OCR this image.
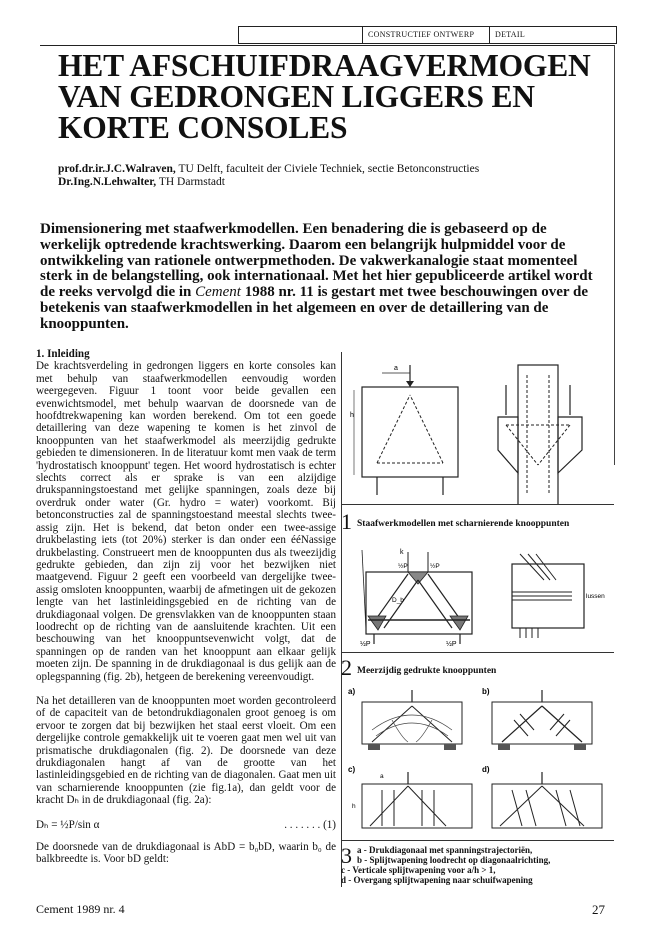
CONSTRUCTIEF ONTWERP	DETAIL
HET AFSCHUIFDRAAGVERMOGEN
VAN GEDRONGEN LIGGERS EN
KORTE CONSOLES
prof.dr.ir.J.C.Walraven, TU Delft, faculteit der Civiele Techniek, sectie Betonconstructies
Dr.Ing.N.Lehwalter, TH Darmstadt
Dimensionering met staafwerkmodellen. Een benadering die is gebaseerd op de werkelijk optredende krachtswerking. Daarom een belangrijk hulpmiddel voor de ontwikkeling van rationele ontwerpmethoden. De vakwerkanalogie staat momenteel sterk in de belangstelling, ook internationaal. Met het hier gepubliceerde artikel wordt de reeks vervolgd die in Cement 1988 nr. 11 is gestart met twee beschouwingen over de betekenis van staafwerkmodellen in het algemeen en over de detaillering van de knooppunten.
1. Inleiding

De krachtsverdeling in gedrongen liggers en korte consoles kan met behulp van staafwerkmodellen eenvoudig worden weergegeven. Figuur 1 toont voor beide gevallen een evenwichtsmodel, met behulp waarvan de doorsnede van de hoofdtrekwapening kan worden berekend. Om tot een goede detaillering van deze wapening te komen is het zinvol de knooppunten van het staafwerkmodel als meerzijdig gedrukte gebieden te dimensioneren. In de literatuur komt men vaak de term 'hydrostatisch knooppunt' tegen. Het woord hydrostatisch is echter slechts correct als er sprake is van een alzijdige drukspanningstoestand met gelijke spanningen, zoals deze bij overdruk onder water (Gr. hydro = water) voorkomt. Bij betonconstructies zal de spanningstoestand meestal slechts twee-assig zijn. Het is bekend, dat beton onder een twee-assige drukbelasting iets (tot 20%) sterker is dan onder een ééNassige drukbelasting. Construeert men de knooppunten dus als tweezijdig gedrukte gebieden, dan zijn zij voor het bezwijken niet maatgevend. Figuur 2 geeft een voorbeeld van dergelijke twee-assig omsloten knooppunten, waarbij de afmetingen uit de gekozen lengte van het lastinleidingsgebied en de richting van de drukdiagonaal volgen. De grensvlakken van de knooppunten staan loodrecht op de richting van de aansluitende krachten. Uit een beschouwing van het knooppuntsevenwicht volgt, dat de spanningen op de randen van het knooppunt aan elkaar gelijk moeten zijn. De spanning in de drukdiagonaal is dus gelijk aan de oplegspanning (fig. 2b), hetgeen de berekening vereenvoudigt.

Na het detailleren van de knooppunten moet worden gecontroleerd of de capaciteit van de betondrukdiagonalen groot genoeg is om ervoor te zorgen dat bij bezwijken het staal eerst vloeit. Om een dergelijke controle gemakkelijk uit te voeren gaat men wel uit van prismatische drukdiagonalen (fig. 2). De doorsnede van deze drukdiagonalen hangt af van de grootte van het lastinleidingsgebied en de richting van de diagonalen. Gaat men uit van scharnierende knooppunten (zie fig.1a), dan geldt voor de kracht Dₕ in de drukdiagonaal (fig. 2a):

Dₕ = ½P/sin α	. . . . . . . (1)

De doorsnede van de drukdiagonaal is AbD = b₀bD, waarin b₀ de balkbreedte is. Voor bD geldt:

a
h
1 Staafwerkmodellen met scharnierende knooppunten
k
½P	½P
D_b
½P	½P
lussen
2 Meerzijdig gedrukte knooppunten
a)	b)
c)	d)
a
h
3 a - Drukdiagonaal met spanningstrajectoriën,
b - Splijtwapening loodrecht op diagonaalrichting,
c - Verticale splijtwapening voor a/h > 1,
d - Overgang splijtwapening naar schuifwapening
Cement 1989 nr. 4	27
